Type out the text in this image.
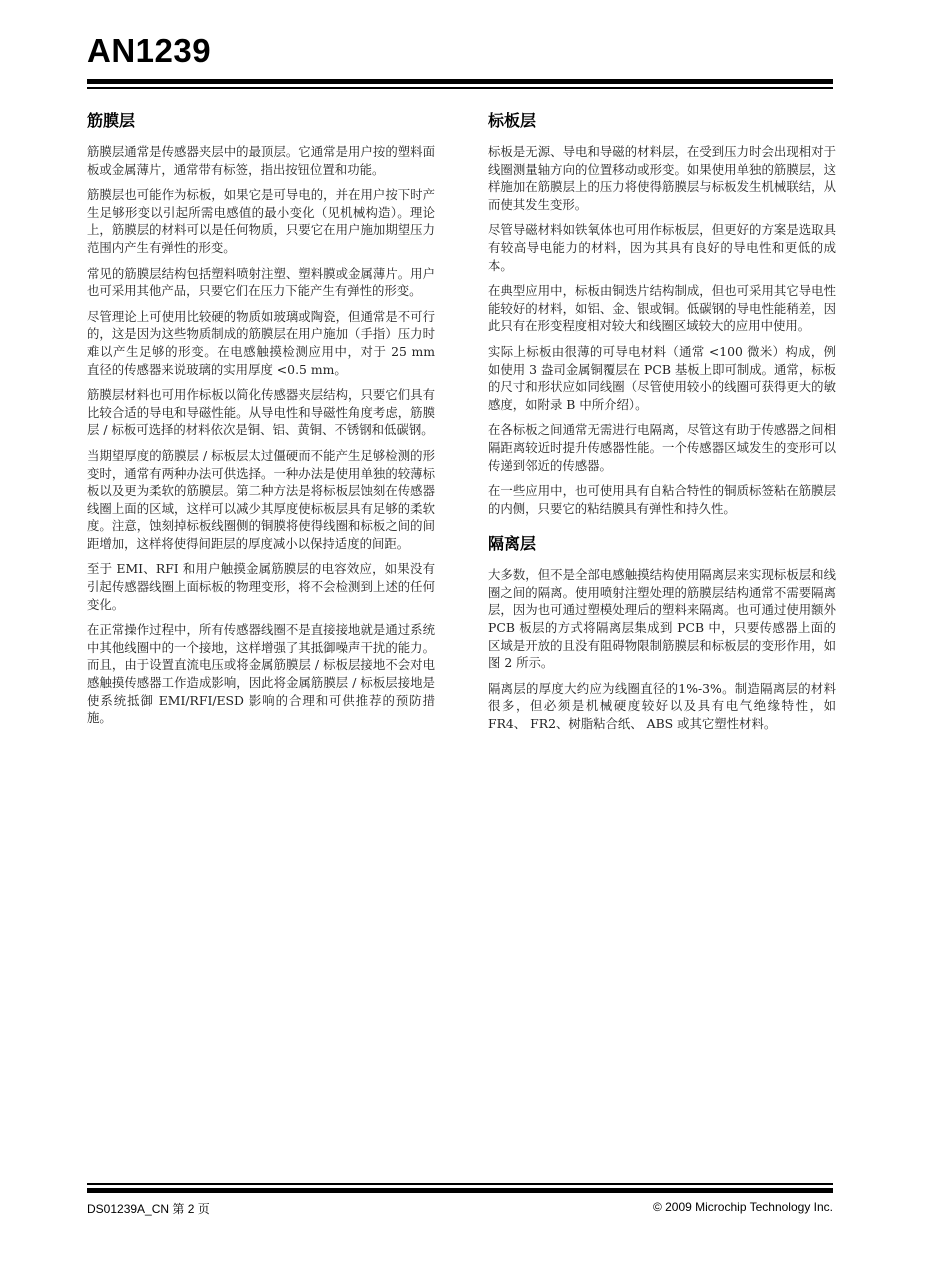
AN1239
筋膜层

筋膜层通常是传感器夹层中的最顶层。它通常是用户按的塑料面板或金属薄片，通常带有标签，指出按钮位置和功能。

筋膜层也可能作为标板，如果它是可导电的，并在用户按下时产生足够形变以引起所需电感值的最小变化（见机械构造）。理论上，筋膜层的材料可以是任何物质，只要它在用户施加期望压力范围内产生有弹性的形变。

常见的筋膜层结构包括塑料喷射注塑、塑料膜或金属薄片。用户也可采用其他产品，只要它们在压力下能产生有弹性的形变。

尽管理论上可使用比较硬的物质如玻璃或陶瓷，但通常是不可行的，这是因为这些物质制成的筋膜层在用户施加（手指）压力时难以产生足够的形变。在电感触摸检测应用中，对于 25 mm 直径的传感器来说玻璃的实用厚度 <0.5 mm。

筋膜层材料也可用作标板以简化传感器夹层结构，只要它们具有比较合适的导电和导磁性能。从导电性和导磁性角度考虑，筋膜层 / 标板可选择的材料依次是铜、铝、黄铜、不锈钢和低碳钢。

当期望厚度的筋膜层 / 标板层太过僵硬而不能产生足够检测的形变时，通常有两种办法可供选择。一种办法是使用单独的较薄标板以及更为柔软的筋膜层。第二种方法是将标板层蚀刻在传感器线圈上面的区域，这样可以减少其厚度使标板层具有足够的柔软度。注意，蚀刻掉标板线圈侧的铜膜将使得线圈和标板之间的间距增加，这样将使得间距层的厚度减小以保持适度的间距。

至于 EMI、RFI 和用户触摸金属筋膜层的电容效应，如果没有引起传感器线圈上面标板的物理变形，将不会检测到上述的任何变化。

在正常操作过程中，所有传感器线圈不是直接接地就是通过系统中其他线圈中的一个接地，这样增强了其抵御噪声干扰的能力。而且，由于设置直流电压或将金属筋膜层 / 标板层接地不会对电感触摸传感器工作造成影响，因此将金属筋膜层 / 标板层接地是使系统抵御 EMI/RFI/ESD 影响的合理和可供推荐的预防措施。

标板层

标板是无源、导电和导磁的材料层，在受到压力时会出现相对于线圈测量轴方向的位置移动或形变。如果使用单独的筋膜层，这样施加在筋膜层上的压力将使得筋膜层与标板发生机械联结，从而使其发生变形。

尽管导磁材料如铁氧体也可用作标板层，但更好的方案是选取具有较高导电能力的材料，因为其具有良好的导电性和更低的成本。

在典型应用中，标板由铜迭片结构制成，但也可采用其它导电性能较好的材料，如铝、金、银或铜。低碳钢的导电性能稍差，因此只有在形变程度相对较大和线圈区域较大的应用中使用。

实际上标板由很薄的可导电材料（通常 <100 微米）构成，例如使用 3 盎司金属铜覆层在 PCB 基板上即可制成。通常，标板的尺寸和形状应如同线圈（尽管使用较小的线圈可获得更大的敏感度，如附录 B 中所介绍）。

在各标板之间通常无需进行电隔离，尽管这有助于传感器之间相隔距离较近时提升传感器性能。一个传感器区域发生的变形可以传递到邻近的传感器。

在一些应用中，也可使用具有自粘合特性的铜质标签粘在筋膜层的内侧，只要它的粘结膜具有弹性和持久性。

隔离层

大多数，但不是全部电感触摸结构使用隔离层来实现标板层和线圈之间的隔离。使用喷射注塑处理的筋膜层结构通常不需要隔离层，因为也可通过塑模处理后的塑料来隔离。也可通过使用额外 PCB 板层的方式将隔离层集成到 PCB 中，只要传感器上面的区域是开放的且没有阻碍物限制筋膜层和标板层的变形作用，如图 2 所示。

隔离层的厚度大约应为线圈直径的1%-3%。制造隔离层的材料很多，但必须是机械硬度较好以及具有电气绝缘特性，如 FR4、 FR2、树脂粘合纸、 ABS 或其它塑性材料。

DS01239A_CN 第 2 页	© 2009 Microchip Technology Inc.
